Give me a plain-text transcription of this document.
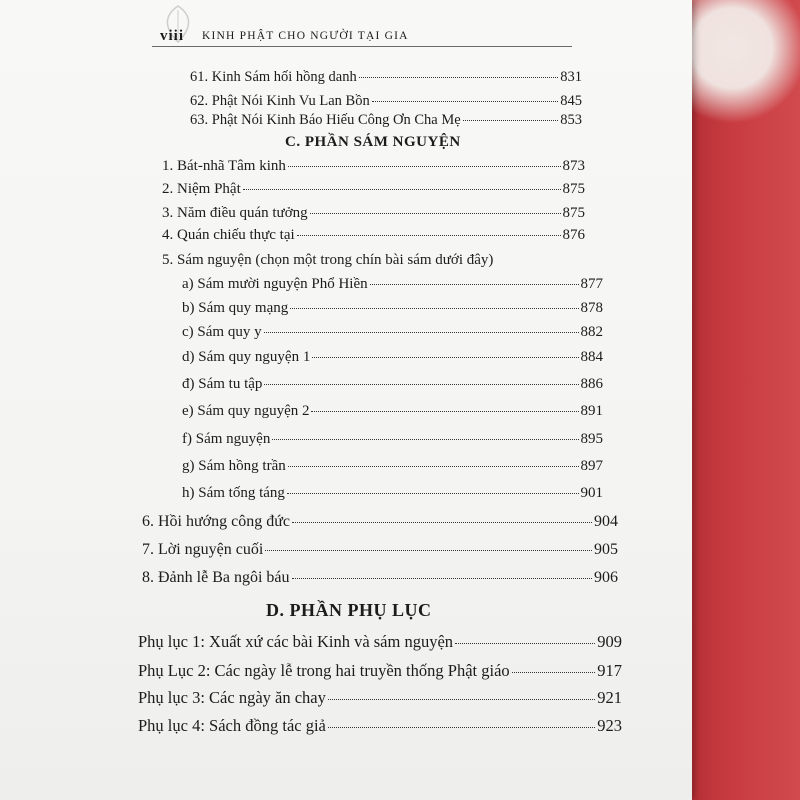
viii KINH PHẬT CHO NGƯỜI TẠI GIA
61. Kinh Sám hối hồng danh	831
62. Phật Nói Kinh Vu Lan Bồn	845
63. Phật Nói Kinh Báo Hiếu Công Ơn Cha Mẹ	853
C. PHẦN SÁM NGUYỆN
1. Bát-nhã Tâm kinh	873
2. Niệm Phật	875
3. Năm điều quán tưởng	875
4. Quán chiếu thực tại	876
5. Sám nguyện (chọn một trong chín bài sám dưới đây)
a) Sám mười nguyện Phổ Hiền	877
b) Sám quy mạng	878
c) Sám quy y	882
d) Sám quy nguyện 1	884
đ) Sám tu tập	886
e) Sám quy nguyện 2	891
f) Sám nguyện	895
g) Sám hồng trần	897
h) Sám tống táng	901
6. Hồi hướng công đức	904
7. Lời nguyện cuối	905
8. Đảnh lễ Ba ngôi báu	906
D. PHẦN PHỤ LỤC
Phụ lục 1: Xuất xứ các bài Kinh và sám nguyện	909
Phụ Lục 2: Các ngày lễ trong hai truyền thống Phật giáo	917
Phụ lục 3: Các ngày ăn chay	921
Phụ lục 4: Sách đồng tác giả	923
